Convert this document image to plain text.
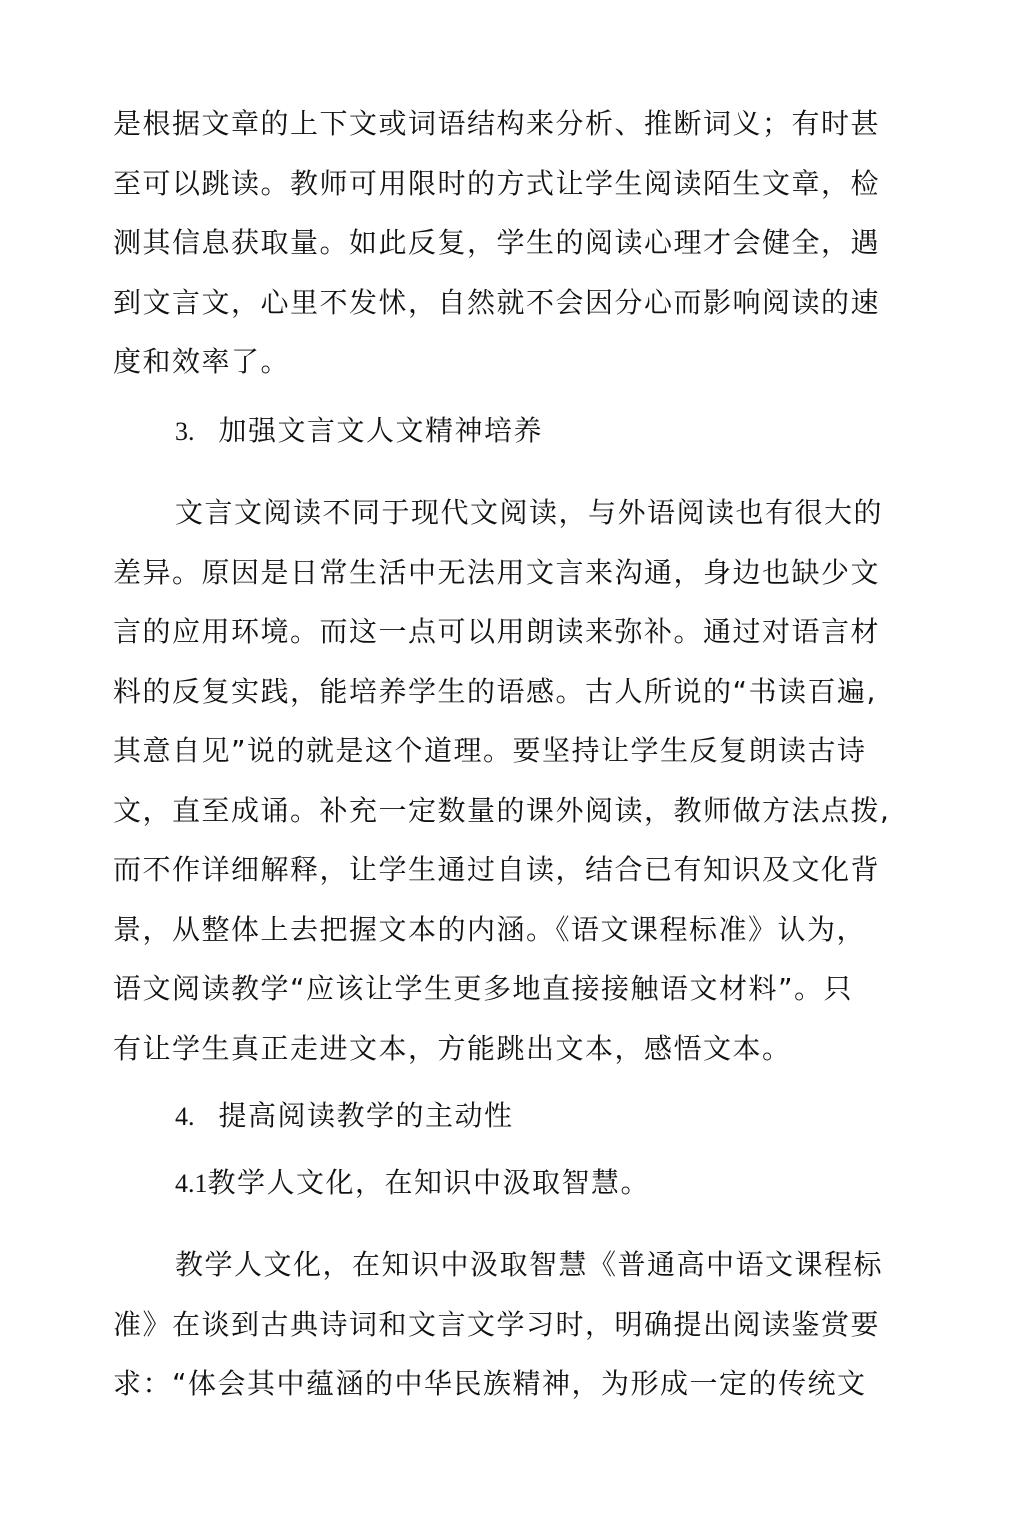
是根据文章的上下文或词语结构来分析、推断词义；有时甚
至可以跳读。教师可用限时的方式让学生阅读陌生文章，检
测其信息获取量。如此反复，学生的阅读心理才会健全，遇
到文言文，心里不发怵，自然就不会因分心而影响阅读的速
度和效率了。
3. 加强文言文人文精神培养
文言文阅读不同于现代文阅读，与外语阅读也有很大的
差异。原因是日常生活中无法用文言来沟通，身边也缺少文
言的应用环境。而这一点可以用朗读来弥补。通过对语言材
料的反复实践，能培养学生的语感。古人所说的“书读百遍,
其意自见”说的就是这个道理。要坚持让学生反复朗读古诗
文，直至成诵。补充一定数量的课外阅读，教师做方法点拨,
而不作详细解释，让学生通过自读，结合已有知识及文化背
景，从整体上去把握文本的内涵。《语文课程标准》认为，
语文阅读教学“应该让学生更多地直接接触语文材料”。只
有让学生真正走进文本，方能跳出文本，感悟文本。
4. 提高阅读教学的主动性
4.1教学人文化，在知识中汲取智慧。
教学人文化，在知识中汲取智慧《普通高中语文课程标
准》在谈到古典诗词和文言文学习时，明确提出阅读鉴赏要
求：“体会其中蕴涵的中华民族精神，为形成一定的传统文
